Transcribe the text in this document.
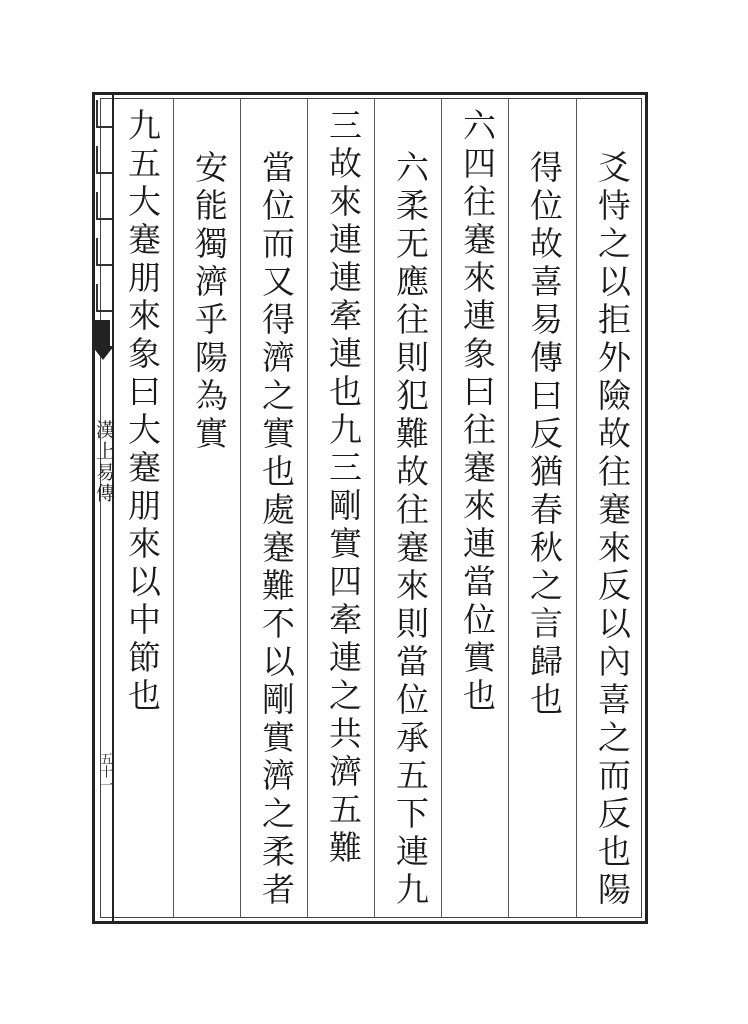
漢上易傳
五十一	爻恃之以拒外險故往蹇來反以內喜之而反也陽
得位故喜易傳曰反猶春秋之言歸也
六四往蹇來連象曰往蹇來連當位實也
六柔无應往則犯難故往蹇來則當位承五下連九
三故來連連牽連也九三剛實四牽連之共濟五難
當位而又得濟之實也處蹇難不以剛實濟之柔者
安能獨濟乎陽為實
九五大蹇朋來象曰大蹇朋來以中節也
